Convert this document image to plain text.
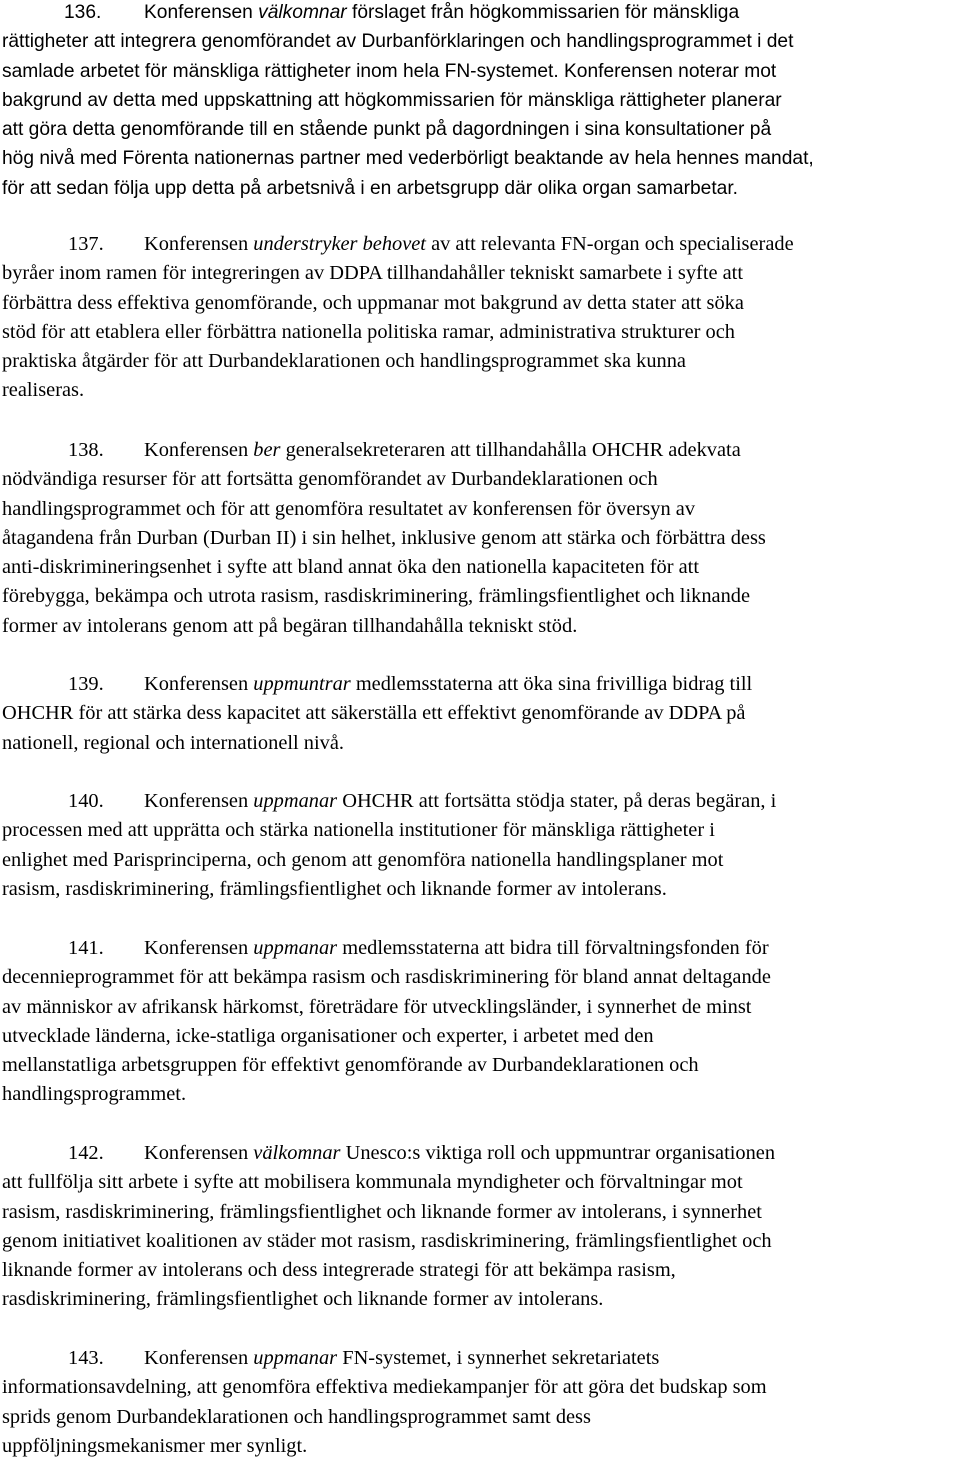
136. Konferensen välkomnar förslaget från högkommissarien för mänskliga
rättigheter att integrera genomförandet av Durbanförklaringen och handlingsprogrammet i det
samlade arbetet för mänskliga rättigheter inom hela FN-systemet. Konferensen noterar mot
bakgrund av detta med uppskattning att högkommissarien för mänskliga rättigheter planerar
att göra detta genomförande till en stående punkt på dagordningen i sina konsultationer på
hög nivå med Förenta nationernas partner med vederbörligt beaktande av hela hennes mandat,
för att sedan följa upp detta på arbetsnivå i en arbetsgrupp där olika organ samarbetar.
137. Konferensen understryker behovet av att relevanta FN-organ och specialiserade
byråer inom ramen för integreringen av DDPA tillhandahåller tekniskt samarbete i syfte att
förbättra dess effektiva genomförande, och uppmanar mot bakgrund av detta stater att söka
stöd för att etablera eller förbättra nationella politiska ramar, administrativa strukturer och
praktiska åtgärder för att Durbandeklarationen och handlingsprogrammet ska kunna
realiseras.
138. Konferensen ber generalsekreteraren att tillhandahålla OHCHR adekvata
nödvändiga resurser för att fortsätta genomförandet av Durbandeklarationen och
handlingsprogrammet och för att genomföra resultatet av konferensen för översyn av
åtagandena från Durban (Durban II) i sin helhet, inklusive genom att stärka och förbättra dess
anti-diskrimineringsenhet i syfte att bland annat öka den nationella kapaciteten för att
förebygga, bekämpa och utrota rasism, rasdiskriminering, främlingsfientlighet och liknande
former av intolerans genom att på begäran tillhandahålla tekniskt stöd.
139. Konferensen uppmuntrar medlemsstaterna att öka sina frivilliga bidrag till
OHCHR för att stärka dess kapacitet att säkerställa ett effektivt genomförande av DDPA på
nationell, regional och internationell nivå.
140. Konferensen uppmanar OHCHR att fortsätta stödja stater, på deras begäran, i
processen med att upprätta och stärka nationella institutioner för mänskliga rättigheter i
enlighet med Parisprinciperna, och genom att genomföra nationella handlingsplaner mot
rasism, rasdiskriminering, främlingsfientlighet och liknande former av intolerans.
141. Konferensen uppmanar medlemsstaterna att bidra till förvaltningsfonden för
decennieprogrammet för att bekämpa rasism och rasdiskriminering för bland annat deltagande
av människor av afrikansk härkomst, företrädare för utvecklingsländer, i synnerhet de minst
utvecklade länderna, icke-statliga organisationer och experter, i arbetet med den
mellanstatliga arbetsgruppen för effektivt genomförande av Durbandeklarationen och
handlingsprogrammet.
142. Konferensen välkomnar Unesco:s viktiga roll och uppmuntrar organisationen
att fullfölja sitt arbete i syfte att mobilisera kommunala myndigheter och förvaltningar mot
rasism, rasdiskriminering, främlingsfientlighet och liknande former av intolerans, i synnerhet
genom initiativet koalitionen av städer mot rasism, rasdiskriminering, främlingsfientlighet och
liknande former av intolerans och dess integrerade strategi för att bekämpa rasism,
rasdiskriminering, främlingsfientlighet och liknande former av intolerans.
143. Konferensen uppmanar FN-systemet, i synnerhet sekretariatets
informationsavdelning, att genomföra effektiva mediekampanjer för att göra det budskap som
sprids genom Durbandeklarationen och handlingsprogrammet samt dess
uppföljningsmekanismer mer synligt.
